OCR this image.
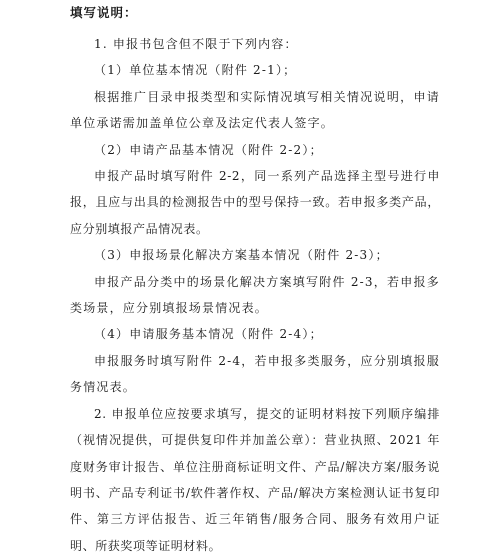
填写说明：

1. 申报书包含但不限于下列内容：

（1）单位基本情况（附件 2-1）；

根据推广目录申报类型和实际情况填写相关情况说明，申请单位承诺需加盖单位公章及法定代表人签字。

（2）申请产品基本情况（附件 2-2）；

申报产品时填写附件 2-2，同一系列产品选择主型号进行申报，且应与出具的检测报告中的型号保持一致。若申报多类产品，应分别填报产品情况表。

（3）申报场景化解决方案基本情况（附件 2-3）；

申报产品分类中的场景化解决方案填写附件 2-3，若申报多类场景，应分别填报场景情况表。

（4）申请服务基本情况（附件 2-4）；

申报服务时填写附件 2-4，若申报多类服务，应分别填报服务情况表。

2. 申报单位应按要求填写，提交的证明材料按下列顺序编排（视情况提供，可提供复印件并加盖公章）：营业执照、2021 年度财务审计报告、单位注册商标证明文件、产品/解决方案/服务说明书、产品专利证书/软件著作权、产品/解决方案检测认证书复印件、第三方评估报告、近三年销售/服务合同、服务有效用户证明、所获奖项等证明材料。
